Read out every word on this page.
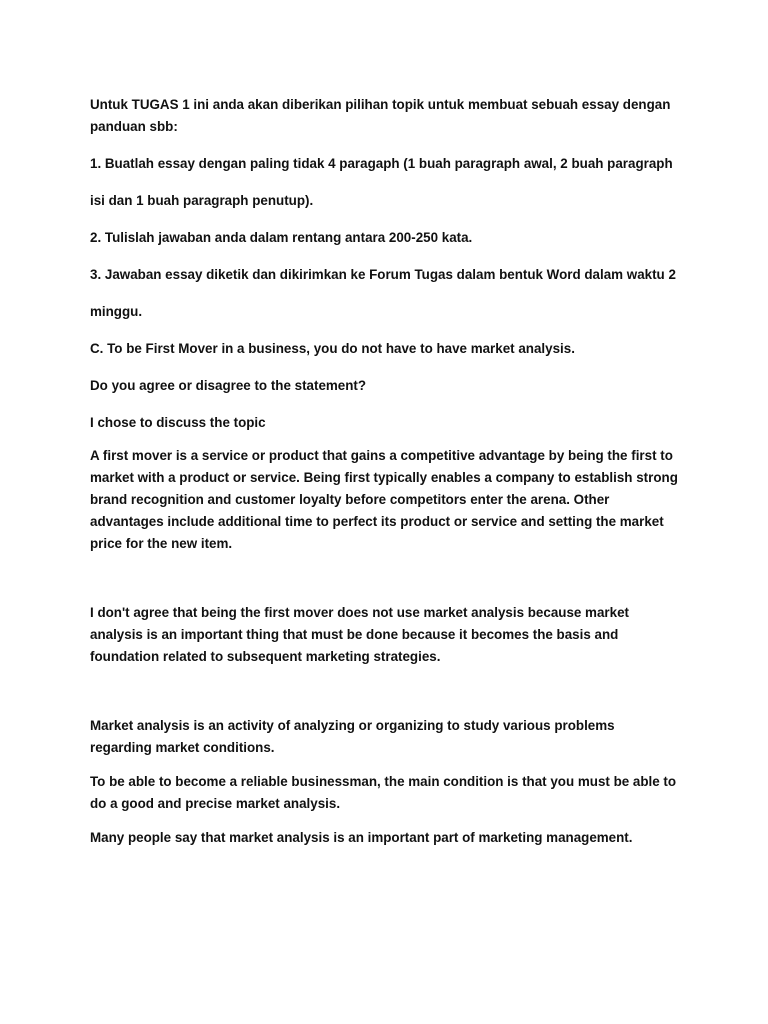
Untuk TUGAS 1 ini anda akan diberikan pilihan topik untuk membuat sebuah essay dengan panduan sbb:

1. Buatlah essay dengan paling tidak 4 paragaph (1 buah paragraph awal, 2 buah paragraph

isi dan 1 buah paragraph penutup).

2. Tulislah jawaban anda dalam rentang antara 200-250 kata.

3. Jawaban essay diketik dan dikirimkan ke Forum Tugas dalam bentuk Word dalam waktu 2

minggu.

C. To be First Mover in a business, you do not have to have market analysis.

Do you agree or disagree to the statement?

I chose to discuss the topic

A first mover is a service or product that gains a competitive advantage by being the first to market with a product or service. Being first typically enables a company to establish strong brand recognition and customer loyalty before competitors enter the arena. Other advantages include additional time to perfect its product or service and setting the market price for the new item.

I don't agree that being the first mover does not use market analysis because market analysis is an important thing that must be done because it becomes the basis and foundation related to subsequent marketing strategies.

Market analysis is an activity of analyzing or organizing to study various problems regarding market conditions.

To be able to become a reliable businessman, the main condition is that you must be able to do a good and precise market analysis.

Many people say that market analysis is an important part of marketing management.
